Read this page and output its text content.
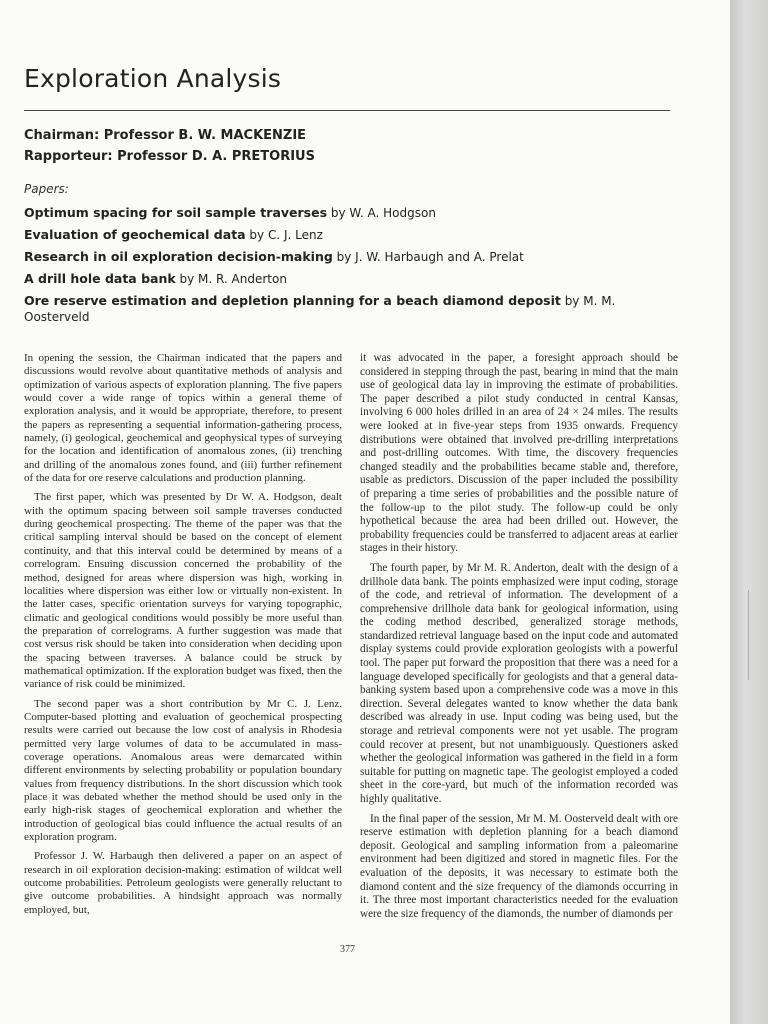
Exploration Analysis
Chairman: Professor B. W. MACKENZIE
Rapporteur: Professor D. A. PRETORIUS
Papers:
Optimum spacing for soil sample traverses by W. A. Hodgson
Evaluation of geochemical data by C. J. Lenz
Research in oil exploration decision-making by J. W. Harbaugh and A. Prelat
A drill hole data bank by M. R. Anderton
Ore reserve estimation and depletion planning for a beach diamond deposit by M. M. Oosterveld

In opening the session, the Chairman indicated that the papers and discussions would revolve about quantitative methods of analysis and optimization of various aspects of exploration planning. The five papers would cover a wide range of topics within a general theme of exploration analysis, and it would be appropriate, therefore, to present the papers as representing a sequential information-gathering process, namely, (i) geological, geochemical and geophysical types of surveying for the location and identification of anomalous zones, (ii) trenching and drilling of the anomalous zones found, and (iii) further refinement of the data for ore reserve calculations and production planning.

The first paper, which was presented by Dr W. A. Hodgson, dealt with the optimum spacing between soil sample traverses conducted during geochemical prospecting. The theme of the paper was that the critical sampling interval should be based on the concept of element continuity, and that this interval could be determined by means of a correlogram. Ensuing discussion concerned the probability of the method, designed for areas where dispersion was high, working in localities where dispersion was either low or virtually non-existent. In the latter cases, specific orientation surveys for varying topographic, climatic and geological conditions would possibly be more useful than the preparation of correlograms. A further suggestion was made that cost versus risk should be taken into consideration when deciding upon the spacing between traverses. A balance could be struck by mathematical optimization. If the exploration budget was fixed, then the variance of risk could be minimized.

The second paper was a short contribution by Mr C. J. Lenz. Computer-based plotting and evaluation of geochemical prospecting results were carried out because the low cost of analysis in Rhodesia permitted very large volumes of data to be accumulated in mass-coverage operations. Anomalous areas were demarcated within different environments by selecting probability or population boundary values from frequency distributions. In the short discussion which took place it was debated whether the method should be used only in the early high-risk stages of geochemical exploration and whether the introduction of geological bias could influence the actual results of an exploration program.

Professor J. W. Harbaugh then delivered a paper on an aspect of research in oil exploration decision-making: estimation of wildcat well outcome probabilities. Petroleum geologists were generally reluctant to give outcome probabilities. A hindsight approach was normally employed, but,

it was advocated in the paper, a foresight approach should be considered in stepping through the past, bearing in mind that the main use of geological data lay in improving the estimate of probabilities. The paper described a pilot study conducted in central Kansas, involving 6 000 holes drilled in an area of 24 × 24 miles. The results were looked at in five-year steps from 1935 onwards. Frequency distributions were obtained that involved pre-drilling interpretations and post-drilling outcomes. With time, the discovery frequencies changed steadily and the probabilities became stable and, therefore, usable as predictors. Discussion of the paper included the possibility of preparing a time series of probabilities and the possible nature of the follow-up to the pilot study. The follow-up could be only hypothetical because the area had been drilled out. However, the probability frequencies could be transferred to adjacent areas at earlier stages in their history.

The fourth paper, by Mr M. R. Anderton, dealt with the design of a drillhole data bank. The points emphasized were input coding, storage of the code, and retrieval of information. The development of a comprehensive drillhole data bank for geological information, using the coding method described, generalized storage methods, standardized retrieval language based on the input code and automated display systems could provide exploration geologists with a powerful tool. The paper put forward the proposition that there was a need for a language developed specifically for geologists and that a general data-banking system based upon a comprehensive code was a move in this direction. Several delegates wanted to know whether the data bank described was already in use. Input coding was being used, but the storage and retrieval components were not yet usable. The program could recover at present, but not unambiguously. Questioners asked whether the geological information was gathered in the field in a form suitable for putting on magnetic tape. The geologist employed a coded sheet in the core-yard, but much of the information recorded was highly qualitative.

In the final paper of the session, Mr M. M. Oosterveld dealt with ore reserve estimation with depletion planning for a beach diamond deposit. Geological and sampling information from a paleomarine environment had been digitized and stored in magnetic files. For the evaluation of the deposits, it was necessary to estimate both the diamond content and the size frequency of the diamonds occurring in it. The three most important characteristics needed for the evaluation were the size frequency of the diamonds, the number of diamonds per

377
